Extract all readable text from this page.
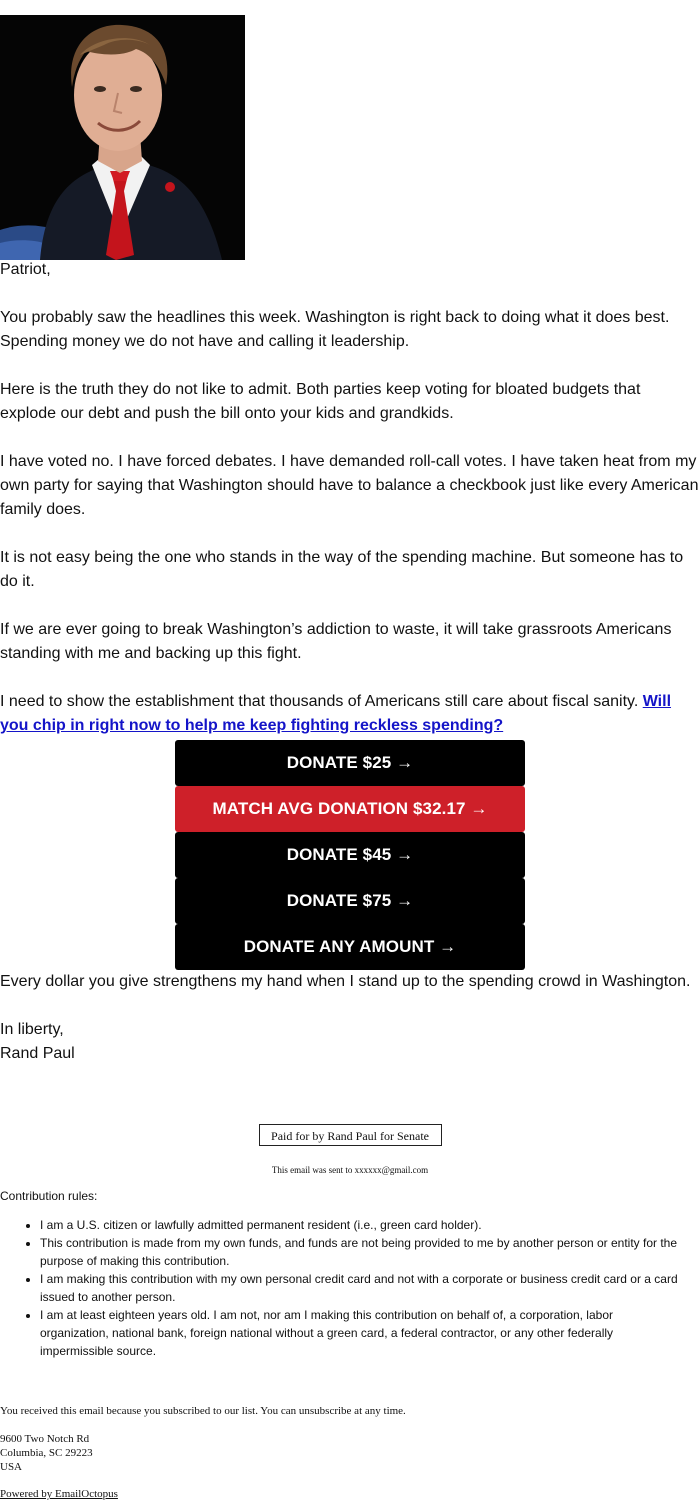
Patriot,

You probably saw the headlines this week. Washington is right back to doing what it does best. Spending money we do not have and calling it leadership.

Here is the truth they do not like to admit. Both parties keep voting for bloated budgets that explode our debt and push the bill onto your kids and grandkids.

I have voted no. I have forced debates. I have demanded roll-call votes. I have taken heat from my own party for saying that Washington should have to balance a checkbook just like every American family does.

It is not easy being the one who stands in the way of the spending machine. But someone has to do it.

If we are ever going to break Washington’s addiction to waste, it will take grassroots Americans standing with me and backing up this fight.

I need to show the establishment that thousands of Americans still care about fiscal sanity. Will you chip in right now to help me keep fighting reckless spending?

DONATE $25 →
MATCH AVG DONATION $32.17 →
DONATE $45 →
DONATE $75 →
DONATE ANY AMOUNT →

Every dollar you give strengthens my hand when I stand up to the spending crowd in Washington.

In liberty,
Rand Paul
Paid for by Rand Paul for Senate
This email was sent to xxxxxx@gmail.com
Contribution rules:
• I am a U.S. citizen or lawfully admitted permanent resident (i.e., green card holder).
• This contribution is made from my own funds, and funds are not being provided to me by another person or entity for the purpose of making this contribution.
• I am making this contribution with my own personal credit card and not with a corporate or business credit card or a card issued to another person.
• I am at least eighteen years old. I am not, nor am I making this contribution on behalf of, a corporation, labor organization, national bank, foreign national without a green card, a federal contractor, or any other federally impermissible source.
You received this email because you subscribed to our list. You can unsubscribe at any time.
9600 Two Notch Rd
Columbia, SC 29223
USA
Powered by EmailOctopus
